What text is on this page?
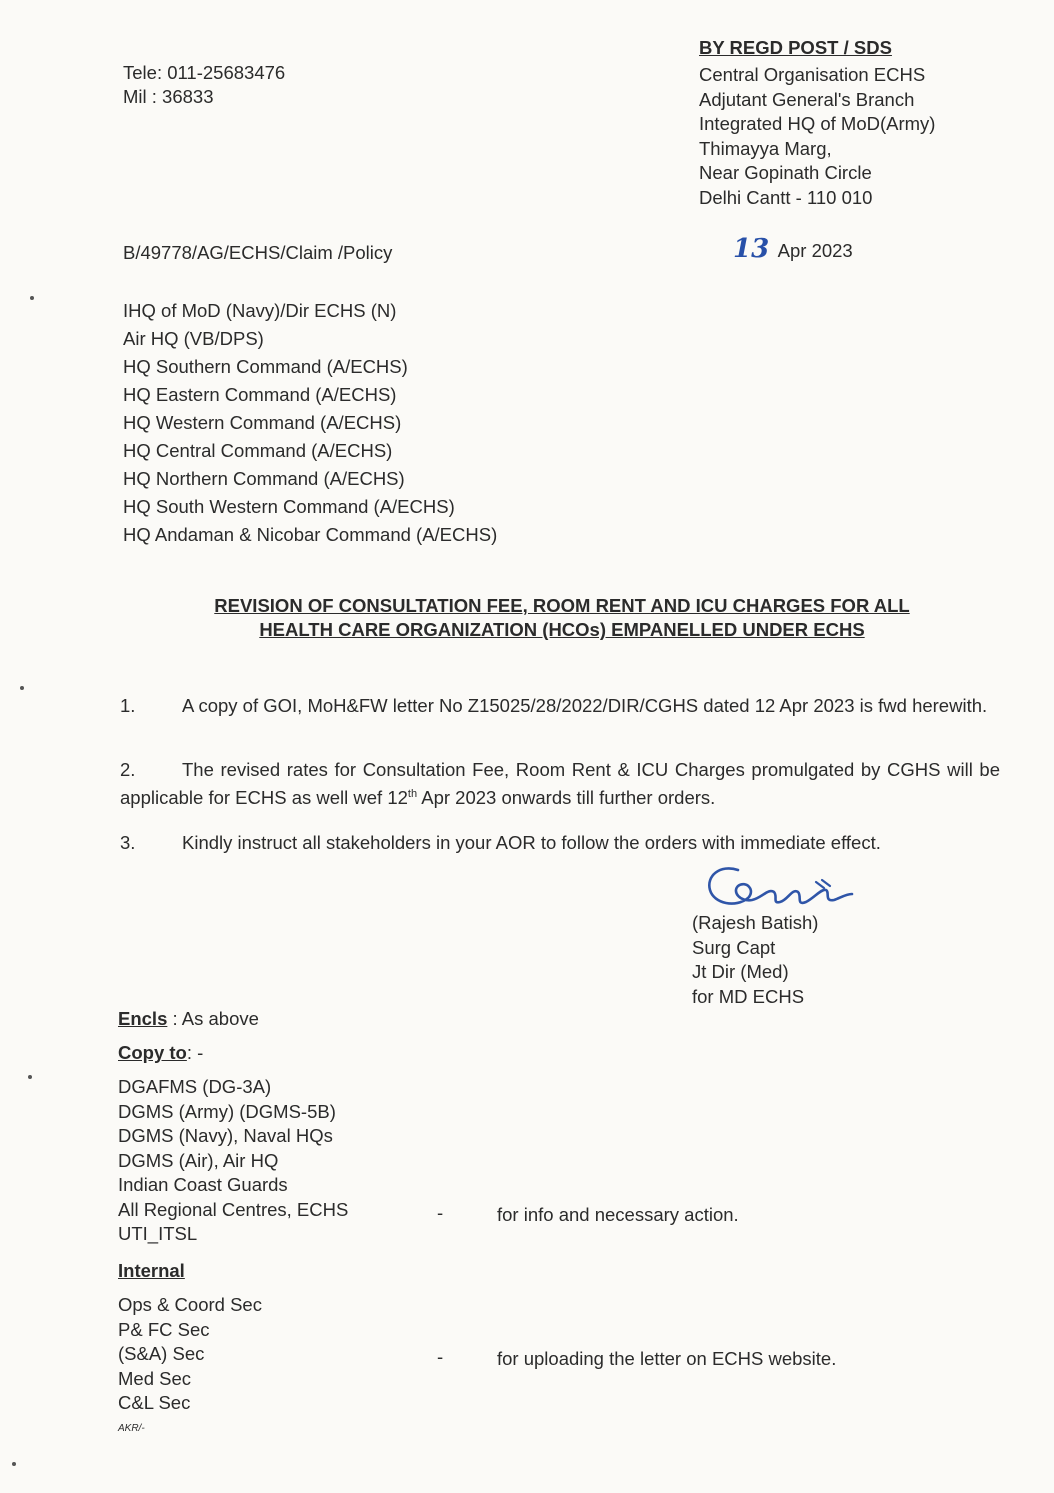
Tele: 011-25683476
Mil : 36833
BY REGD POST / SDS
Central Organisation ECHS
Adjutant General's Branch
Integrated HQ of MoD(Army)
Thimayya Marg,
Near Gopinath Circle
Delhi Cantt - 110 010
B/49778/AG/ECHS/Claim /Policy	13 Apr 2023
IHQ of MoD (Navy)/Dir ECHS (N)
Air HQ (VB/DPS)
HQ Southern Command (A/ECHS)
HQ Eastern Command (A/ECHS)
HQ Western Command (A/ECHS)
HQ Central Command (A/ECHS)
HQ Northern Command (A/ECHS)
HQ South Western Command (A/ECHS)
HQ Andaman & Nicobar Command (A/ECHS)
REVISION OF CONSULTATION FEE, ROOM RENT AND ICU CHARGES FOR ALL
HEALTH CARE ORGANIZATION (HCOs) EMPANELLED UNDER ECHS
1.	A copy of GOI, MoH&FW letter No Z15025/28/2022/DIR/CGHS dated 12 Apr 2023 is fwd herewith.
2.	The revised rates for Consultation Fee, Room Rent & ICU Charges promulgated by CGHS will be applicable for ECHS as well wef 12th Apr 2023 onwards till further orders.
3.	Kindly instruct all stakeholders in your AOR to follow the orders with immediate effect.
(Rajesh Batish)
Surg Capt
Jt Dir (Med)
for MD ECHS
Encls : As above
Copy to: -
DGAFMS (DG-3A)
DGMS (Army) (DGMS-5B)
DGMS (Navy), Naval HQs
DGMS (Air), Air HQ
Indian Coast Guards
All Regional Centres, ECHS
UTI_ITSL
-	for info and necessary action.
Internal
Ops & Coord Sec
P& FC Sec
(S&A) Sec
Med Sec
C&L Sec
-	for uploading the letter on ECHS website.
AKR/-
